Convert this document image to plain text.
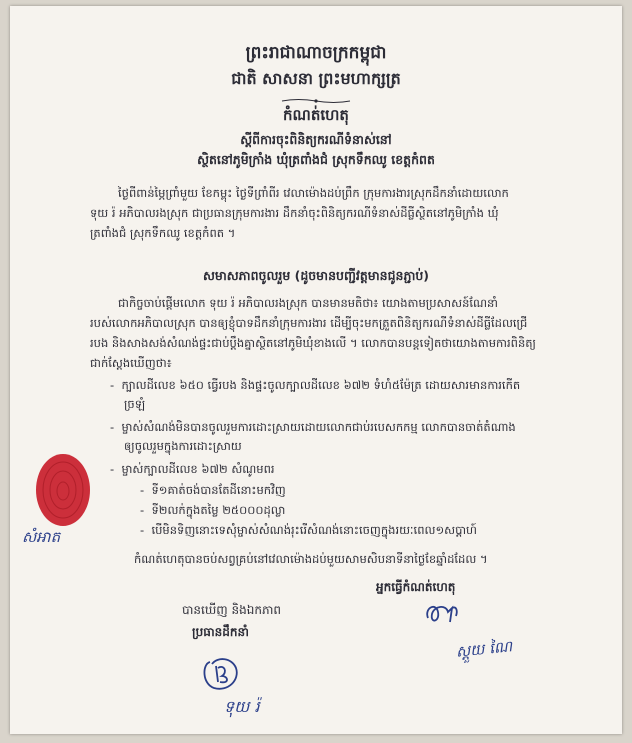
ព្រះរាជាណាចក្រកម្ពុជា
ជាតិ សាសនា ព្រះមហាក្សត្រ
កំណត់ហេតុ
ស្ដីពីការចុះពិនិត្យករណីទំនាស់នៅ
ស្ថិតនៅភូមិក្រាំង ឃុំត្រពាំងជំ ស្រុកទឹកឈូ ខេត្តកំពត
ថ្ងៃពីពាន់ម្ភៃព្រាំមួយ ខែកម្ពុះ ថ្ងៃទីព្រាំពីរ វេលាម៉ោងដប់ព្រឹក ក្រុមការងារស្រុកដឹកនាំដោយលោក
ទុយ រ៉ អភិបាលរងស្រុក ជាប្រធានក្រុមការងារ ដឹកនាំចុះពិនិត្យករណីទំនាស់ដីធ្លីស្ថិតនៅភូមិក្រាំង ឃុំ
ត្រពាំងជំ ស្រុកទឹកឈូ ខេត្តកំពត ។
សមាសភាពចូលរួម (ដូចមានបញ្ជីវត្តមានជូនភ្ជាប់)
ជាកិច្ចចាប់ផ្តើមលោក ទុយ រ៉ អភិបាលរងស្រុក បានមានមតិថា៖ យោងតាមប្រសាសន៍ណែនាំ
របស់លោកអភិបាលស្រុក បានឲ្យខ្ញុំបាទដឹកនាំក្រុមការងារ ដើម្បីចុះមកត្រួតពិនិត្យករណីទំនាស់ដីធ្លីដែលជ្រើ
របង និងសាងសង់សំណង់ផ្ទះជាប់ប្តឹងគ្នាស្ថិតនៅភូមិឃុំខាងលើ ។ លោកបានបន្តទៀតថាយោងតាមការពិនិត្យ
ជាក់ស្តែងឃើញថា៖
-  ក្បាលដីលេខ ៦៥០ ធ្វើរបង និងផ្ទះចូលក្បាលដីលេខ ៦៧២ ទំហំ៥ម៉ែត្រ ដោយសារមានការកើត
ច្រឡំ
-  ម្ចាស់សំណង់មិនបានចូលរួមការដោះស្រាយដោយលោកជាប់របេសកកម្ម លោកបានចាត់តំណាង
ឲ្យចូលរួមក្នុងការដោះស្រាយ
-  ម្ចាស់ក្បាលដីលេខ ៦៧២ សំណូមពរ
-  ទី១គាត់ចង់បានតែដីនោះមកវិញ
-  ទី២លក់ក្នុងតម្លៃ ២៥០០០ដុល្លា
-  បើមិនទិញនោះទេសុំម្ចាស់សំណង់រុះរើសំណង់នោះចេញក្នុងរយៈពេល១សប្តាហ៍
កំណត់ហេតុបានចប់សព្វគ្រប់នៅវេលាម៉ោងដប់មួយសាមសិបនាទីនាថ្ងៃខែឆ្នាំដដែល ។
អ្នកធ្វើកំណត់ហេតុ
បានឃើញ និងឯកភាព
ប្រធានដឹកនាំ
សំអាត
ស្ដួយ ណៃ
ទុយ រ៉
